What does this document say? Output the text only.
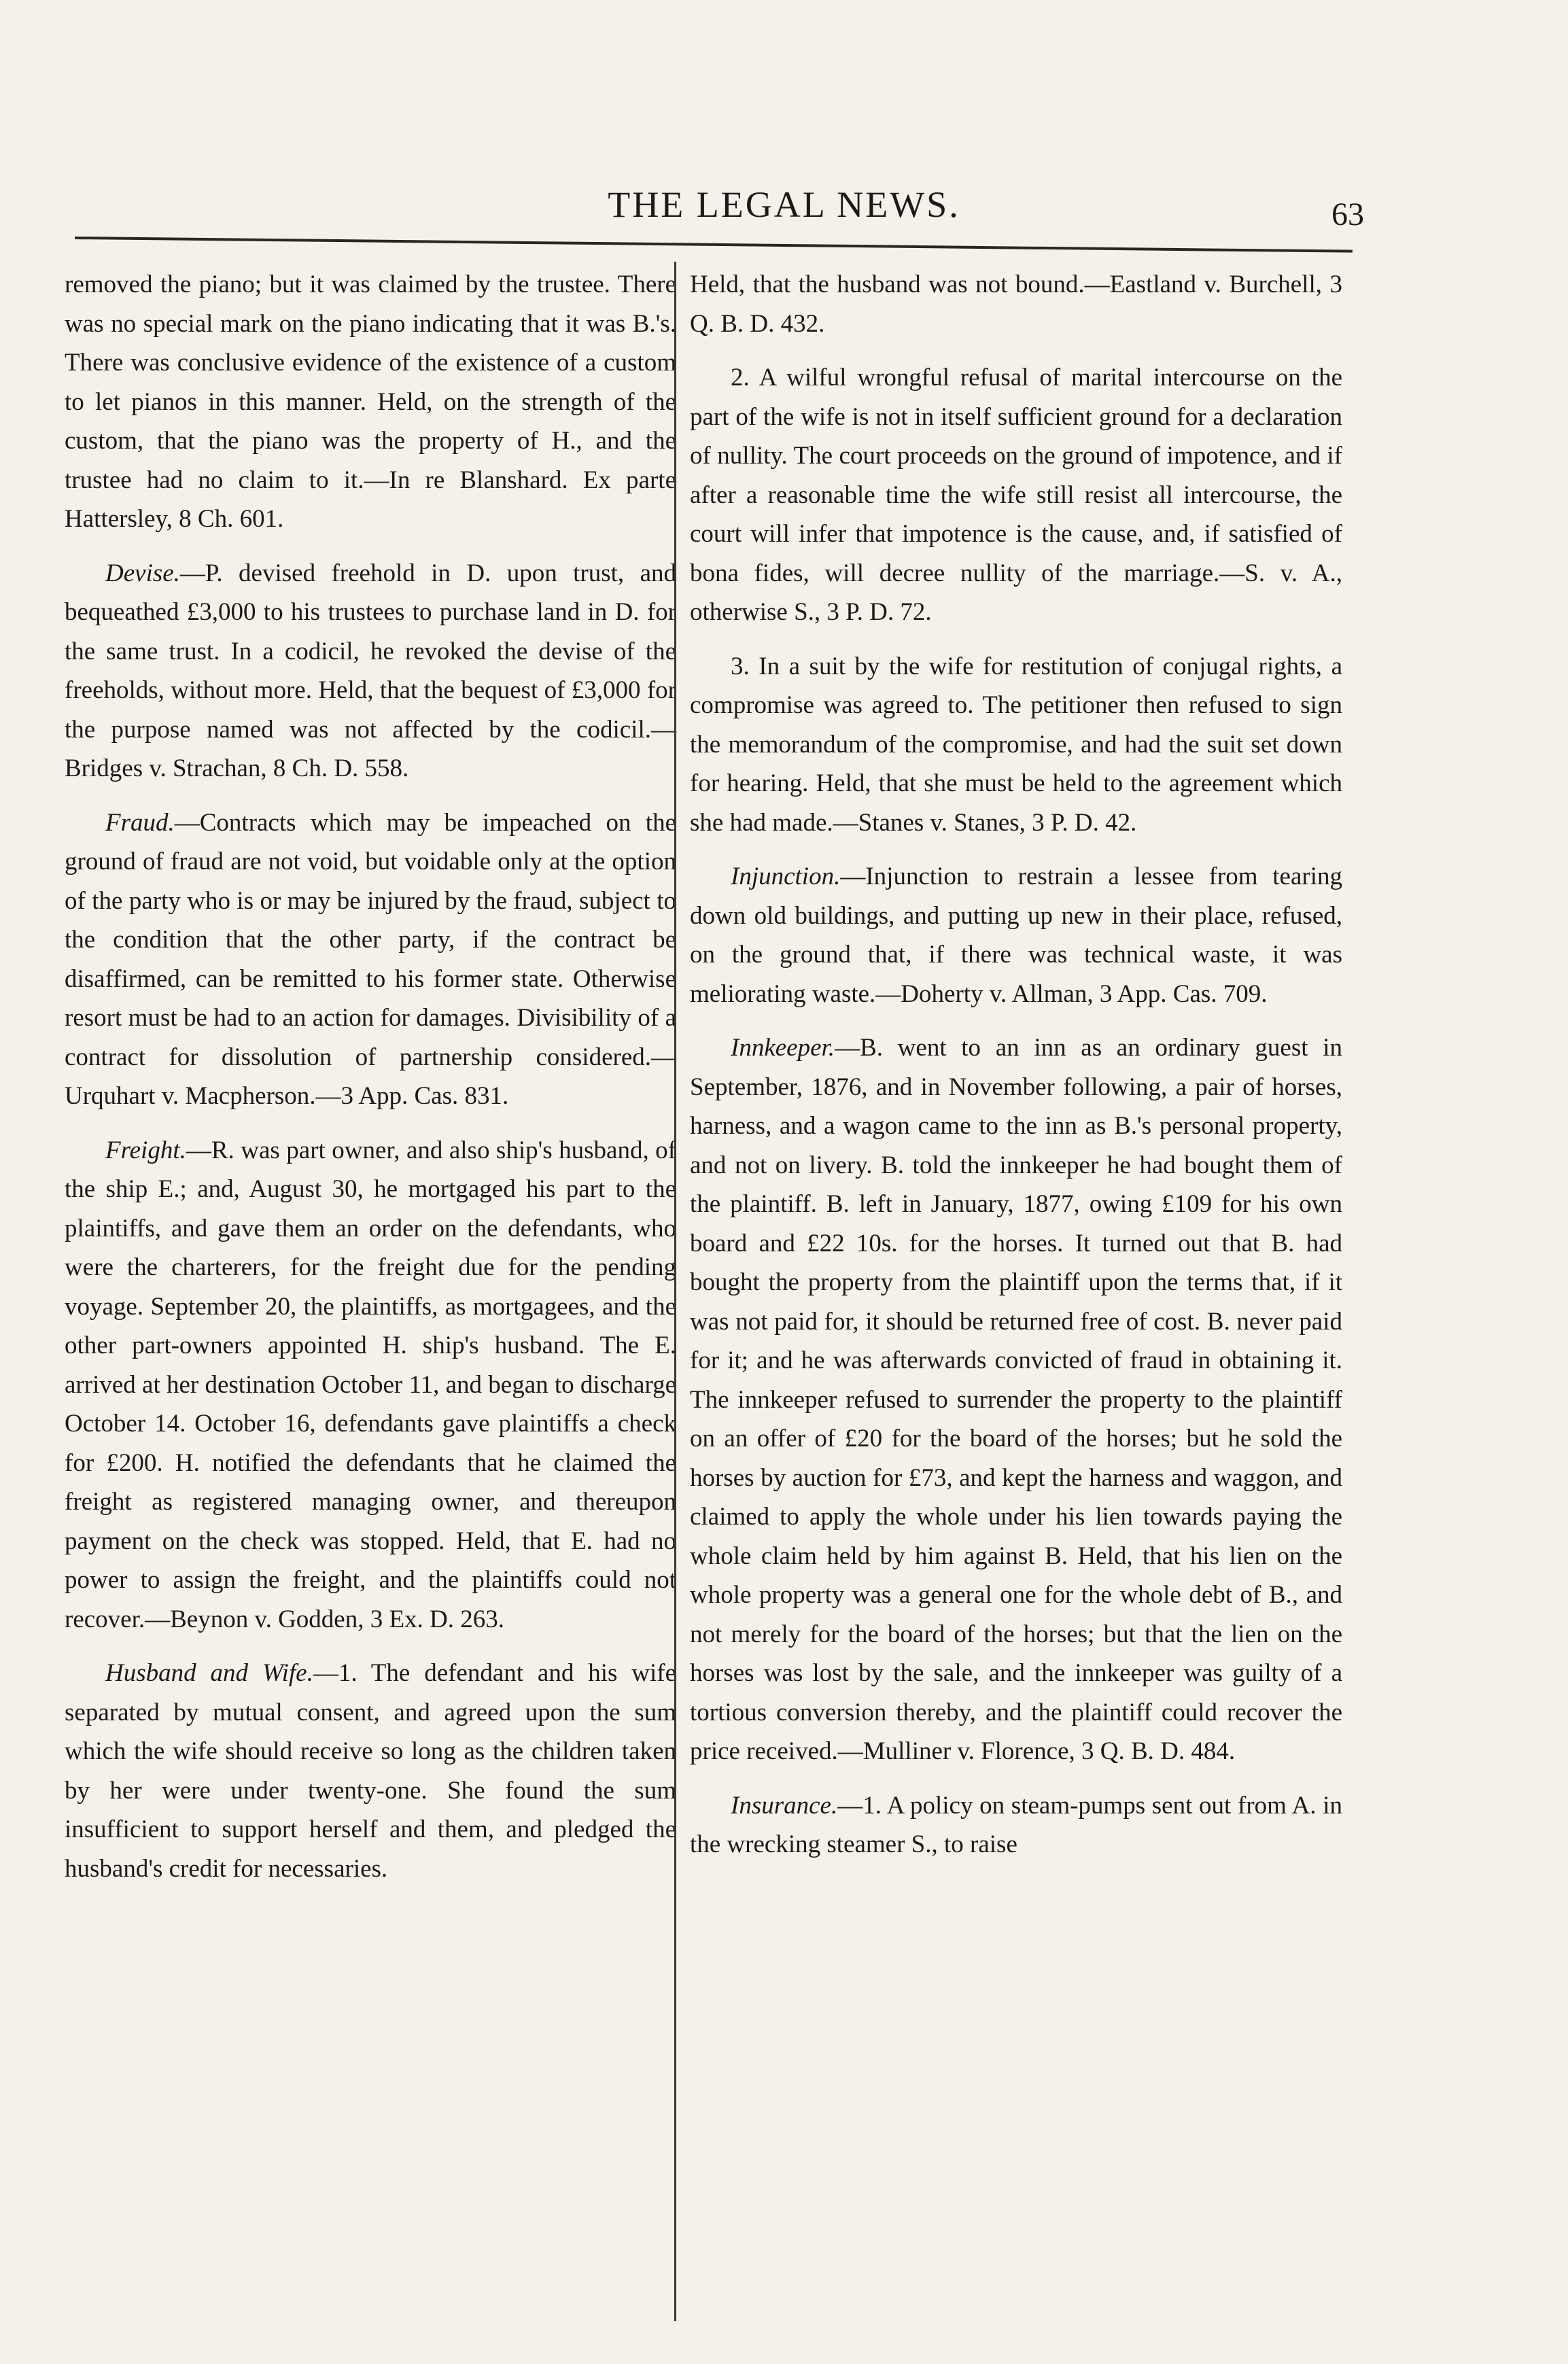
THE LEGAL NEWS.	63

removed the piano; but it was claimed by the trustee. There was no special mark on the piano indicating that it was B.'s. There was conclusive evidence of the existence of a custom to let pianos in this manner. Held, on the strength of the custom, that the piano was the property of H., and the trustee had no claim to it.—In re Blanshard. Ex parte Hattersley, 8 Ch. 601.

Devise.—P. devised freehold in D. upon trust, and bequeathed £3,000 to his trustees to purchase land in D. for the same trust. In a codicil, he revoked the devise of the freeholds, without more. Held, that the bequest of £3,000 for the purpose named was not affected by the codicil.—Bridges v. Strachan, 8 Ch. D. 558.

Fraud.—Contracts which may be impeached on the ground of fraud are not void, but voidable only at the option of the party who is or may be injured by the fraud, subject to the condition that the other party, if the contract be disaffirmed, can be remitted to his former state. Otherwise resort must be had to an action for damages. Divisibility of a contract for dissolution of partnership considered.—Urquhart v. Macpherson.—3 App. Cas. 831.

Freight.—R. was part owner, and also ship's husband, of the ship E.; and, August 30, he mortgaged his part to the plaintiffs, and gave them an order on the defendants, who were the charterers, for the freight due for the pending voyage. September 20, the plaintiffs, as mortgagees, and the other part-owners appointed H. ship's husband. The E. arrived at her destination October 11, and began to discharge October 14. October 16, defendants gave plaintiffs a check for £200. H. notified the defendants that he claimed the freight as registered managing owner, and thereupon payment on the check was stopped. Held, that E. had no power to assign the freight, and the plaintiffs could not recover.—Beynon v. Godden, 3 Ex. D. 263.

Husband and Wife.—1. The defendant and his wife separated by mutual consent, and agreed upon the sum which the wife should receive so long as the children taken by her were under twenty-one. She found the sum insufficient to support herself and them, and pledged the husband's credit for necessaries.

Held, that the husband was not bound.—Eastland v. Burchell, 3 Q. B. D. 432.

2. A wilful wrongful refusal of marital intercourse on the part of the wife is not in itself sufficient ground for a declaration of nullity. The court proceeds on the ground of impotence, and if after a reasonable time the wife still resist all intercourse, the court will infer that impotence is the cause, and, if satisfied of bona fides, will decree nullity of the marriage.—S. v. A., otherwise S., 3 P. D. 72.

3. In a suit by the wife for restitution of conjugal rights, a compromise was agreed to. The petitioner then refused to sign the memorandum of the compromise, and had the suit set down for hearing. Held, that she must be held to the agreement which she had made.—Stanes v. Stanes, 3 P. D. 42.

Injunction.—Injunction to restrain a lessee from tearing down old buildings, and putting up new in their place, refused, on the ground that, if there was technical waste, it was meliorating waste.—Doherty v. Allman, 3 App. Cas. 709.

Innkeeper.—B. went to an inn as an ordinary guest in September, 1876, and in November following, a pair of horses, harness, and a wagon came to the inn as B.'s personal property, and not on livery. B. told the innkeeper he had bought them of the plaintiff. B. left in January, 1877, owing £109 for his own board and £22 10s. for the horses. It turned out that B. had bought the property from the plaintiff upon the terms that, if it was not paid for, it should be returned free of cost. B. never paid for it; and he was afterwards convicted of fraud in obtaining it. The innkeeper refused to surrender the property to the plaintiff on an offer of £20 for the board of the horses; but he sold the horses by auction for £73, and kept the harness and waggon, and claimed to apply the whole under his lien towards paying the whole claim held by him against B. Held, that his lien on the whole property was a general one for the whole debt of B., and not merely for the board of the horses; but that the lien on the horses was lost by the sale, and the innkeeper was guilty of a tortious conversion thereby, and the plaintiff could recover the price received.—Mulliner v. Florence, 3 Q. B. D. 484.

Insurance.—1. A policy on steam-pumps sent out from A. in the wrecking steamer S., to raise
